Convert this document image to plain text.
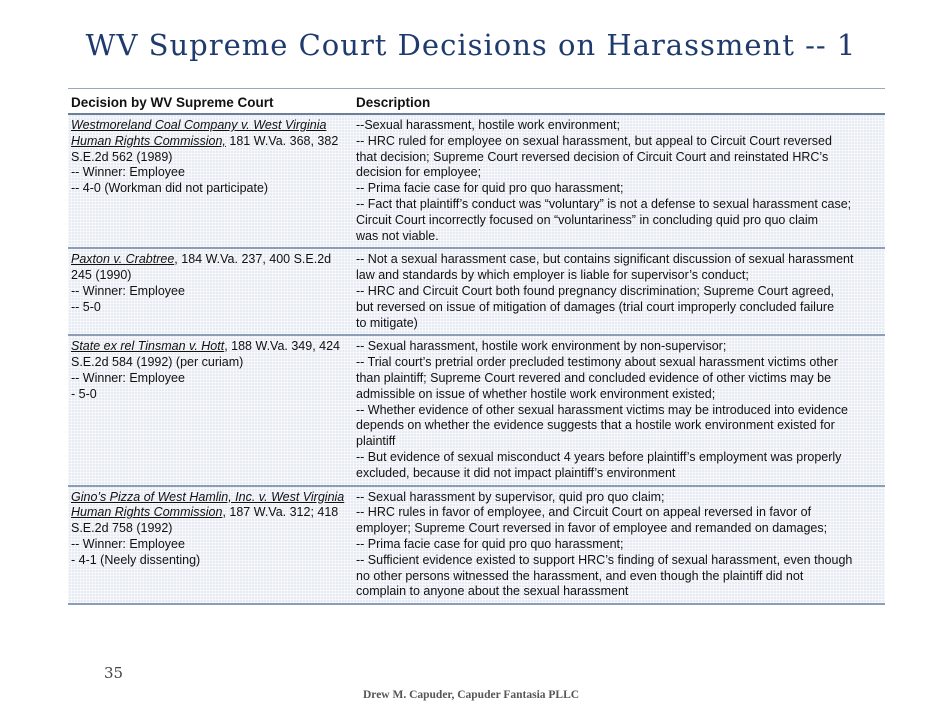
WV Supreme Court Decisions on Harassment -- 1
Decision by WV Supreme Court	Description
Westmoreland Coal Company v. West Virginia
Human Rights Commission, 181 W.Va. 368, 382
S.E.2d 562 (1989)
-- Winner: Employee
-- 4-0 (Workman did not participate)
--Sexual harassment, hostile work environment;
-- HRC ruled for employee on sexual harassment, but appeal to Circuit Court reversed
that decision; Supreme Court reversed decision of Circuit Court and reinstated HRC’s
decision for employee;
-- Prima facie case for quid pro quo harassment;
-- Fact that plaintiff’s conduct was “voluntary” is not a defense to sexual harassment case;
Circuit Court incorrectly focused on “voluntariness” in concluding quid pro quo claim
was not viable.
Paxton v. Crabtree, 184 W.Va. 237, 400 S.E.2d
245 (1990)
-- Winner: Employee
-- 5-0
-- Not a sexual harassment case, but contains significant discussion of sexual harassment
law and standards by which employer is liable for supervisor’s conduct;
-- HRC and Circuit Court both found pregnancy discrimination; Supreme Court agreed,
but reversed on issue of mitigation of damages (trial court improperly concluded failure
to mitigate)
State ex rel Tinsman v. Hott, 188 W.Va. 349, 424
S.E.2d 584 (1992) (per curiam)
-- Winner: Employee
- 5-0
-- Sexual harassment, hostile work environment by non-supervisor;
-- Trial court’s pretrial order precluded testimony about sexual harassment victims other
than plaintiff; Supreme Court revered and concluded evidence of other victims may be
admissible on issue of whether hostile work environment existed;
-- Whether evidence of other sexual harassment victims may be introduced into evidence
depends on whether the evidence suggests that a hostile work environment existed for
plaintiff
-- But evidence of sexual misconduct 4 years before plaintiff’s employment was properly
excluded, because it did not impact plaintiff’s environment
Gino’s Pizza of West Hamlin, Inc. v. West Virginia
Human Rights Commission, 187 W.Va. 312; 418
S.E.2d 758 (1992)
-- Winner: Employee
- 4-1 (Neely dissenting)
-- Sexual harassment by supervisor, quid pro quo claim;
-- HRC rules in favor of employee, and Circuit Court on appeal reversed in favor of
employer; Supreme Court reversed in favor of employee and remanded on damages;
-- Prima facie case for quid pro quo harassment;
-- Sufficient evidence existed to support HRC’s finding of sexual harassment, even though
no other persons witnessed the harassment, and even though the plaintiff did not
complain to anyone about the sexual harassment
35
Drew M. Capuder, Capuder Fantasia PLLC
